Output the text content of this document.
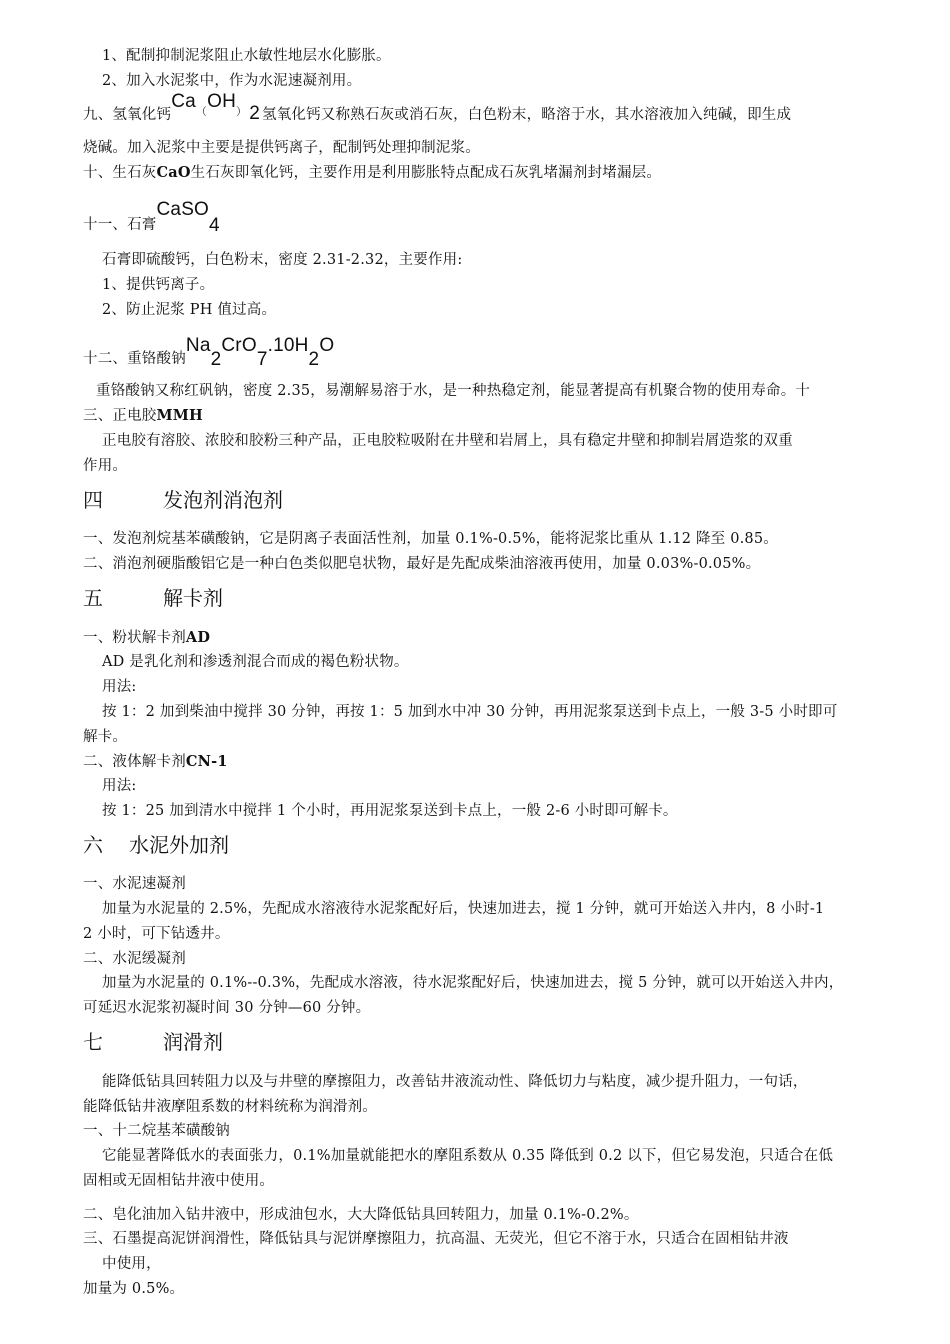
1、配制抑制泥浆阻止水敏性地层水化膨胀。
2、加入水泥浆中，作为水泥速凝剂用。
九、氢氧化钙Ca（OH） 2 氢氧化钙又称熟石灰或消石灰，白色粉末，略溶于水，其水溶液加入纯碱，即生成
烧碱。加入泥浆中主要是提供钙离子，配制钙处理抑制泥浆。
十、生石灰CaO生石灰即氧化钙，主要作用是利用膨胀特点配成石灰乳堵漏剂封堵漏层。
十一、石膏CaSO4
石膏即硫酸钙，白色粉末，密度 2.31-2.32，主要作用:
1、提供钙离子。
2、防止泥浆 PH 值过高。
十二、重铬酸钠Na2CrO7.10H2O
重铬酸钠又称红矾钠，密度 2.35，易潮解易溶于水，是一种热稳定剂，能显著提高有机聚合物的使用寿命。十
三、正电胶MMH
正电胶有溶胶、浓胶和胶粉三种产品，正电胶粒吸附在井壁和岩屑上，具有稳定井壁和抑制岩屑造浆的双重
作用。
四	发泡剂消泡剂
一、发泡剂烷基苯磺酸钠，它是阴离子表面活性剂，加量 0.1%-0.5%，能将泥浆比重从 1.12 降至 0.85。
二、消泡剂硬脂酸铝它是一种白色类似肥皂状物，最好是先配成柴油溶液再使用，加量 0.03%-0.05%。
五	解卡剂
一、粉状解卡剂AD
AD 是乳化剂和渗透剂混合而成的褐色粉状物。
用法:
按 1：2 加到柴油中搅拌 30 分钟，再按 1：5 加到水中冲 30 分钟，再用泥浆泵送到卡点上，一般 3-5 小时即可
解卡。
二、液体解卡剂CN-1
用法:
按 1：25 加到清水中搅拌 1 个小时，再用泥浆泵送到卡点上，一般 2-6 小时即可解卡。
六 水泥外加剂
一、水泥速凝剂
加量为水泥量的 2.5%，先配成水溶液待水泥浆配好后，快速加进去，搅 1 分钟，就可开始送入井内，8 小时-1
2 小时，可下钻透井。
二、水泥缓凝剂
加量为水泥量的 0.1%--0.3%，先配成水溶液，待水泥浆配好后，快速加进去，搅 5 分钟，就可以开始送入井内，
可延迟水泥浆初凝时间 30 分钟—60 分钟。
七	润滑剂
能降低钻具回转阻力以及与井壁的摩擦阻力，改善钻井液流动性、降低切力与粘度，减少提升阻力，一句话，
能降低钻井液摩阻系数的材料统称为润滑剂。
一、十二烷基苯磺酸钠
它能显著降低水的表面张力，0.1%加量就能把水的摩阻系数从 0.35 降低到 0.2 以下，但它易发泡，只适合在低
固相或无固相钻井液中使用。
二、皂化油加入钻井液中，形成油包水，大大降低钻具回转阻力，加量 0.1%-0.2%。
三、石墨提高泥饼润滑性，降低钻具与泥饼摩擦阻力，抗高温、无荧光，但它不溶于水，只适合在固相钻井液
中使用，
加量为 0.5%。
